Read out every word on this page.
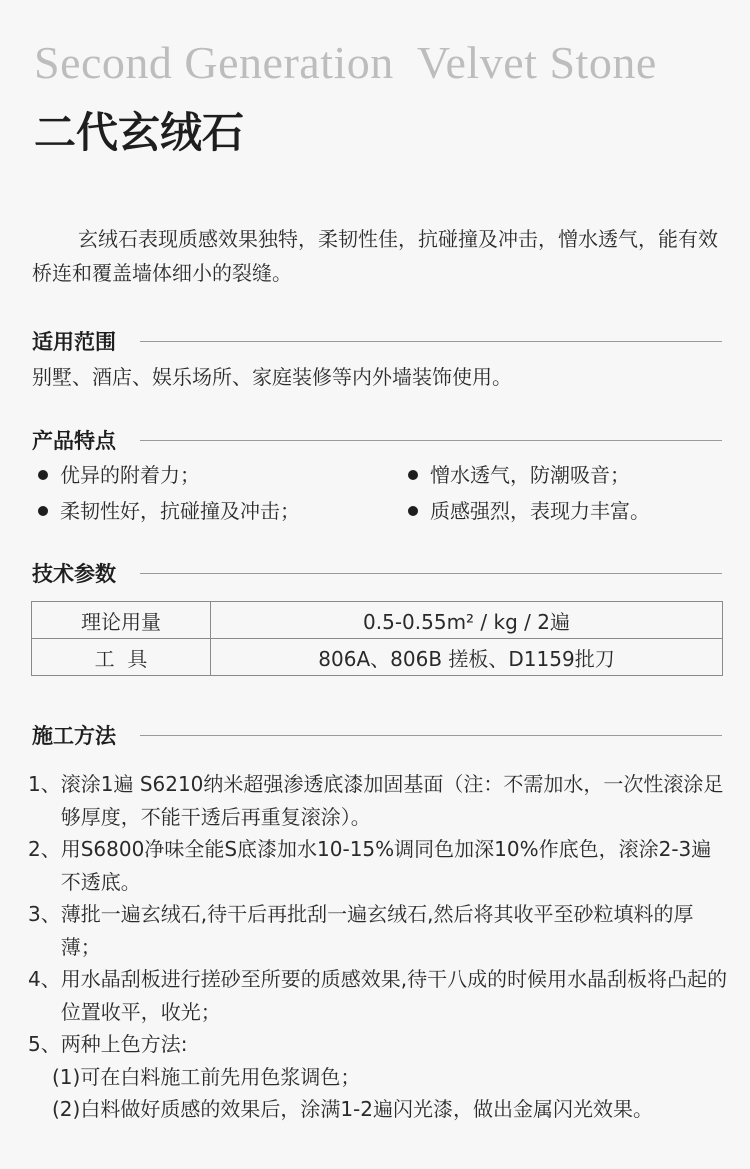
Second Generation  Velvet Stone
二代玄绒石

玄绒石表现质感效果独特，柔韧性佳，抗碰撞及冲击，憎水透气，能有效桥连和覆盖墙体细小的裂缝。

适用范围

别墅、酒店、娱乐场所、家庭装修等内外墙装饰使用。

产品特点
优异的附着力；	憎水透气，防潮吸音；
柔韧性好，抗碰撞及冲击；	质感强烈，表现力丰富。
技术参数
理论用量	0.5-0.55m² / kg / 2遍
工  具	806A、806B 搓板、D1159批刀
施工方法
1、 滚涂1遍 S6210纳米超强渗透底漆加固基面（注：不需加水，一次性滚涂足够厚度，不能干透后再重复滚涂）。
2、 用S6800净味全能S底漆加水10-15%调同色加深10%作底色，滚涂2-3遍不透底。
3、 薄批一遍玄绒石,待干后再批刮一遍玄绒石,然后将其收平至砂粒填料的厚薄；
4、 用水晶刮板进行搓砂至所要的质感效果,待干八成的时候用水晶刮板将凸起的位置收平，收光；
5、 两种上色方法:
(1)可在白料施工前先用色浆调色；
(2)白料做好质感的效果后，涂满1-2遍闪光漆，做出金属闪光效果。
